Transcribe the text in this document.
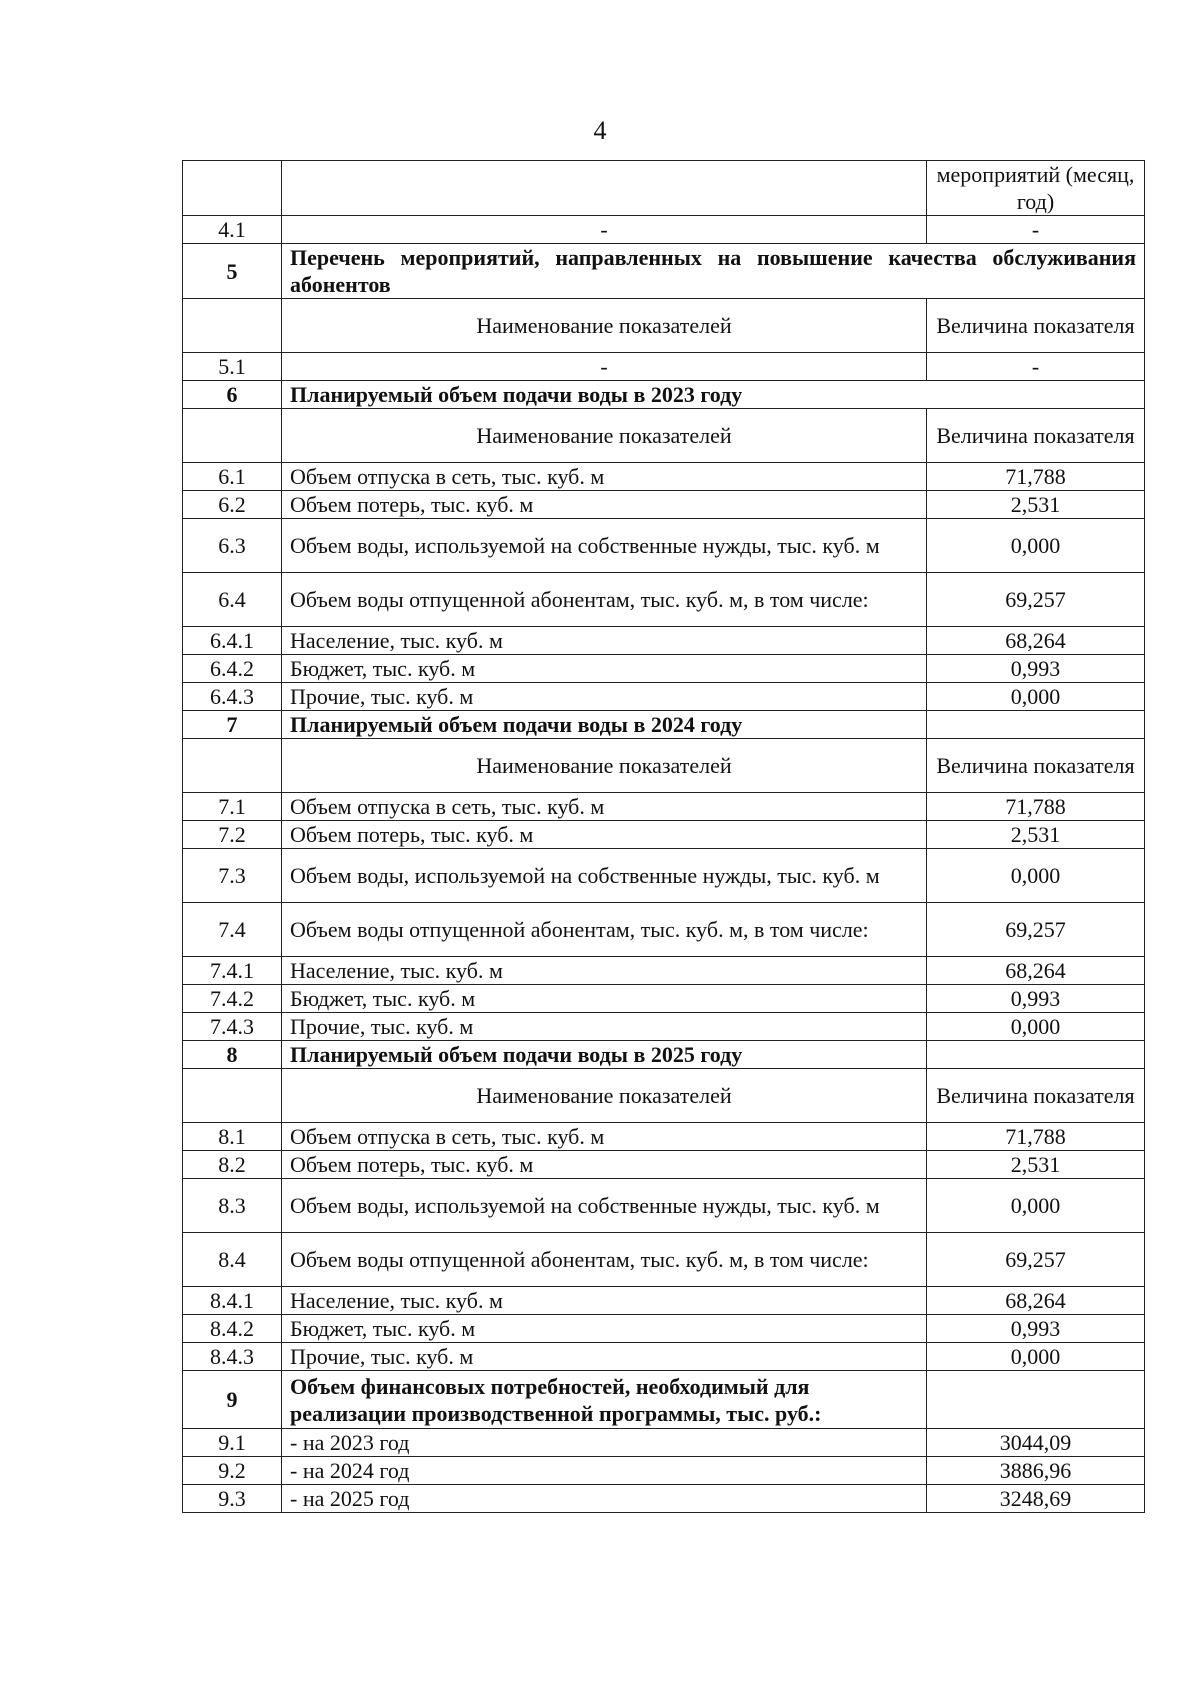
4
		мероприятий (месяц, год)
4.1	-	-
5	Перечень мероприятий, направленных на повышение качества обслуживания абонентов	
	Наименование показателей	Величина показателя
5.1	-	-
6	Планируемый объем подачи воды в 2023 году	
	Наименование показателей	Величина показателя
6.1	Объем отпуска в сеть, тыс. куб. м	71,788
6.2	Объем потерь, тыс. куб. м	2,531
6.3	Объем воды, используемой на собственные нужды, тыс. куб. м	0,000
6.4	Объем воды отпущенной абонентам, тыс. куб. м, в том числе:	69,257
6.4.1	Население, тыс. куб. м	68,264
6.4.2	Бюджет, тыс. куб. м	0,993
6.4.3	Прочие, тыс. куб. м	0,000
7	Планируемый объем подачи воды в 2024 году	
	Наименование показателей	Величина показателя
7.1	Объем отпуска в сеть, тыс. куб. м	71,788
7.2	Объем потерь, тыс. куб. м	2,531
7.3	Объем воды, используемой на собственные нужды, тыс. куб. м	0,000
7.4	Объем воды отпущенной абонентам, тыс. куб. м, в том числе:	69,257
7.4.1	Население, тыс. куб. м	68,264
7.4.2	Бюджет, тыс. куб. м	0,993
7.4.3	Прочие, тыс. куб. м	0,000
8	Планируемый объем подачи воды в 2025 году	
	Наименование показателей	Величина показателя
8.1	Объем отпуска в сеть, тыс. куб. м	71,788
8.2	Объем потерь, тыс. куб. м	2,531
8.3	Объем воды, используемой на собственные нужды, тыс. куб. м	0,000
8.4	Объем воды отпущенной абонентам, тыс. куб. м, в том числе:	69,257
8.4.1	Население, тыс. куб. м	68,264
8.4.2	Бюджет, тыс. куб. м	0,993
8.4.3	Прочие, тыс. куб. м	0,000
9	Объем финансовых потребностей, необходимый для реализации производственной программы, тыс. руб.:	
9.1	- на 2023 год	3044,09
9.2	- на 2024 год	3886,96
9.3	- на 2025 год	3248,69
